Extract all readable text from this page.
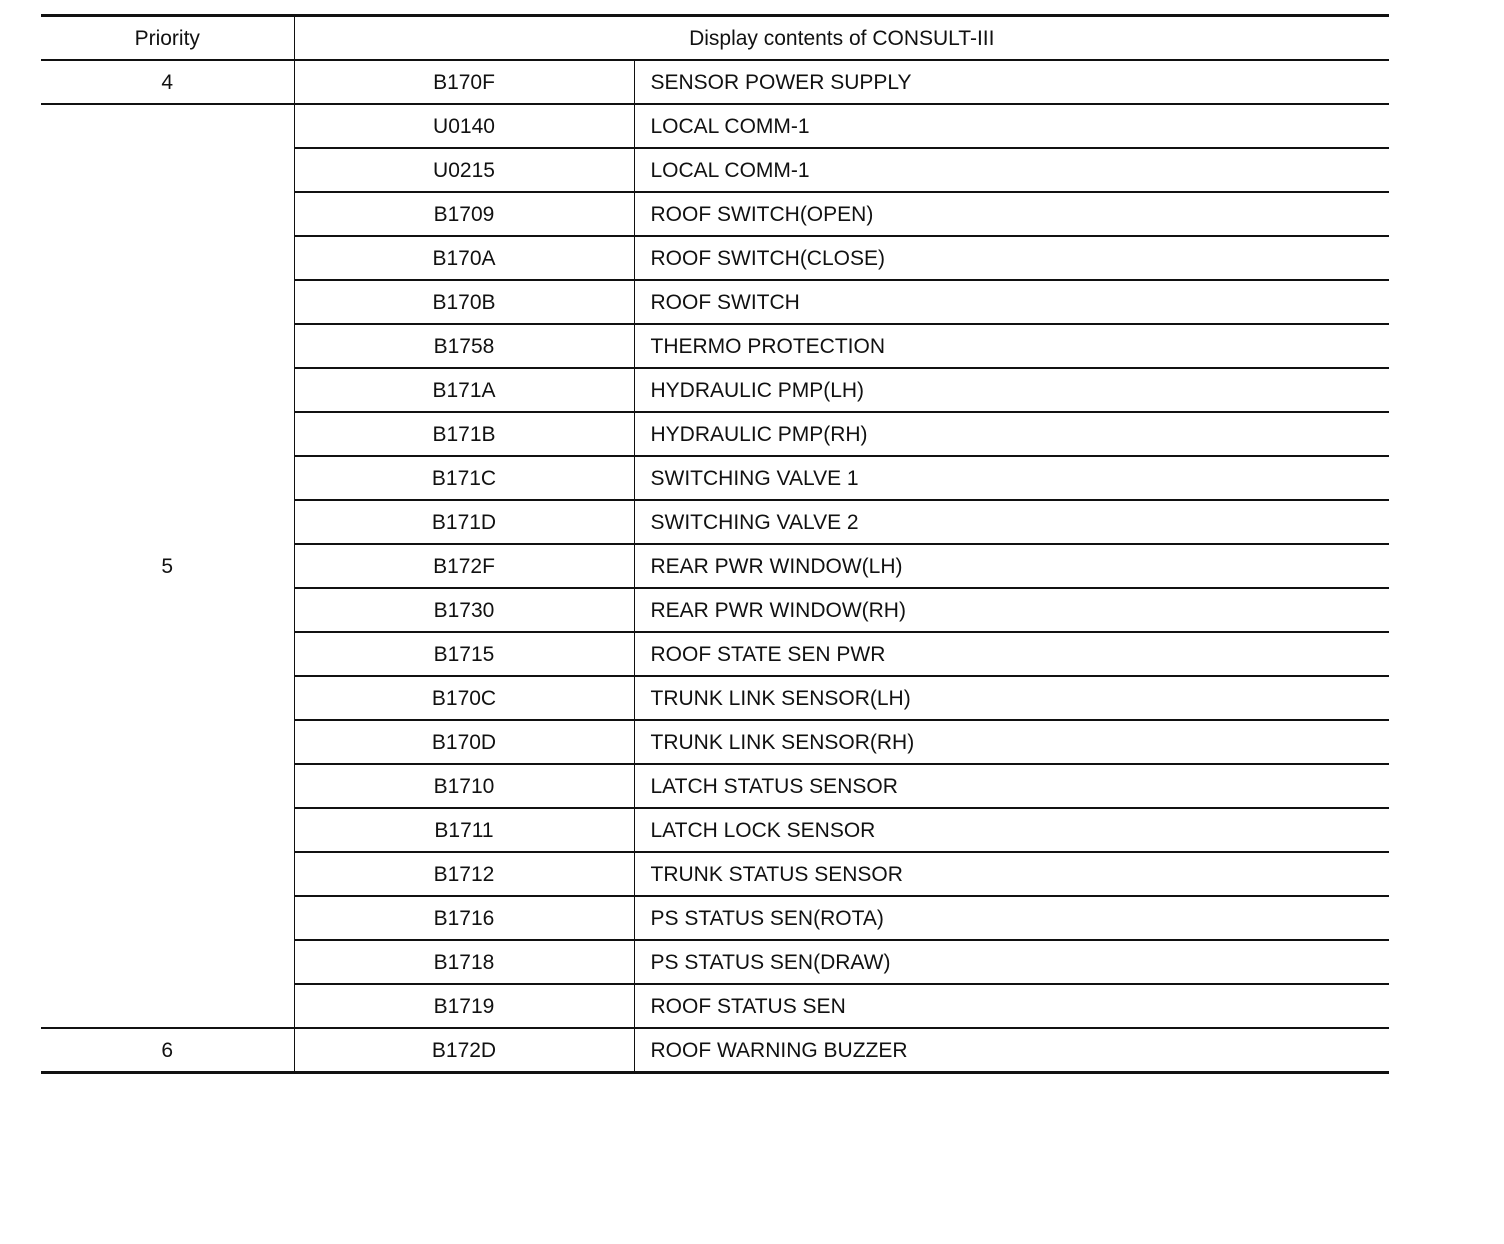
Priority	Display contents of CONSULT-III	
4	B170F	SENSOR POWER SUPPLY
5	U0140	LOCAL COMM-1
	U0215	LOCAL COMM-1
	B1709	ROOF SWITCH(OPEN)
	B170A	ROOF SWITCH(CLOSE)
	B170B	ROOF SWITCH
	B1758	THERMO PROTECTION
	B171A	HYDRAULIC PMP(LH)
	B171B	HYDRAULIC PMP(RH)
	B171C	SWITCHING VALVE 1
	B171D	SWITCHING VALVE 2
	B172F	REAR PWR WINDOW(LH)
	B1730	REAR PWR WINDOW(RH)
	B1715	ROOF STATE SEN PWR
	B170C	TRUNK LINK SENSOR(LH)
	B170D	TRUNK LINK SENSOR(RH)
	B1710	LATCH STATUS SENSOR
	B1711	LATCH LOCK SENSOR
	B1712	TRUNK STATUS SENSOR
	B1716	PS STATUS SEN(ROTA)
	B1718	PS STATUS SEN(DRAW)
	B1719	ROOF STATUS SEN
6	B172D	ROOF WARNING BUZZER
